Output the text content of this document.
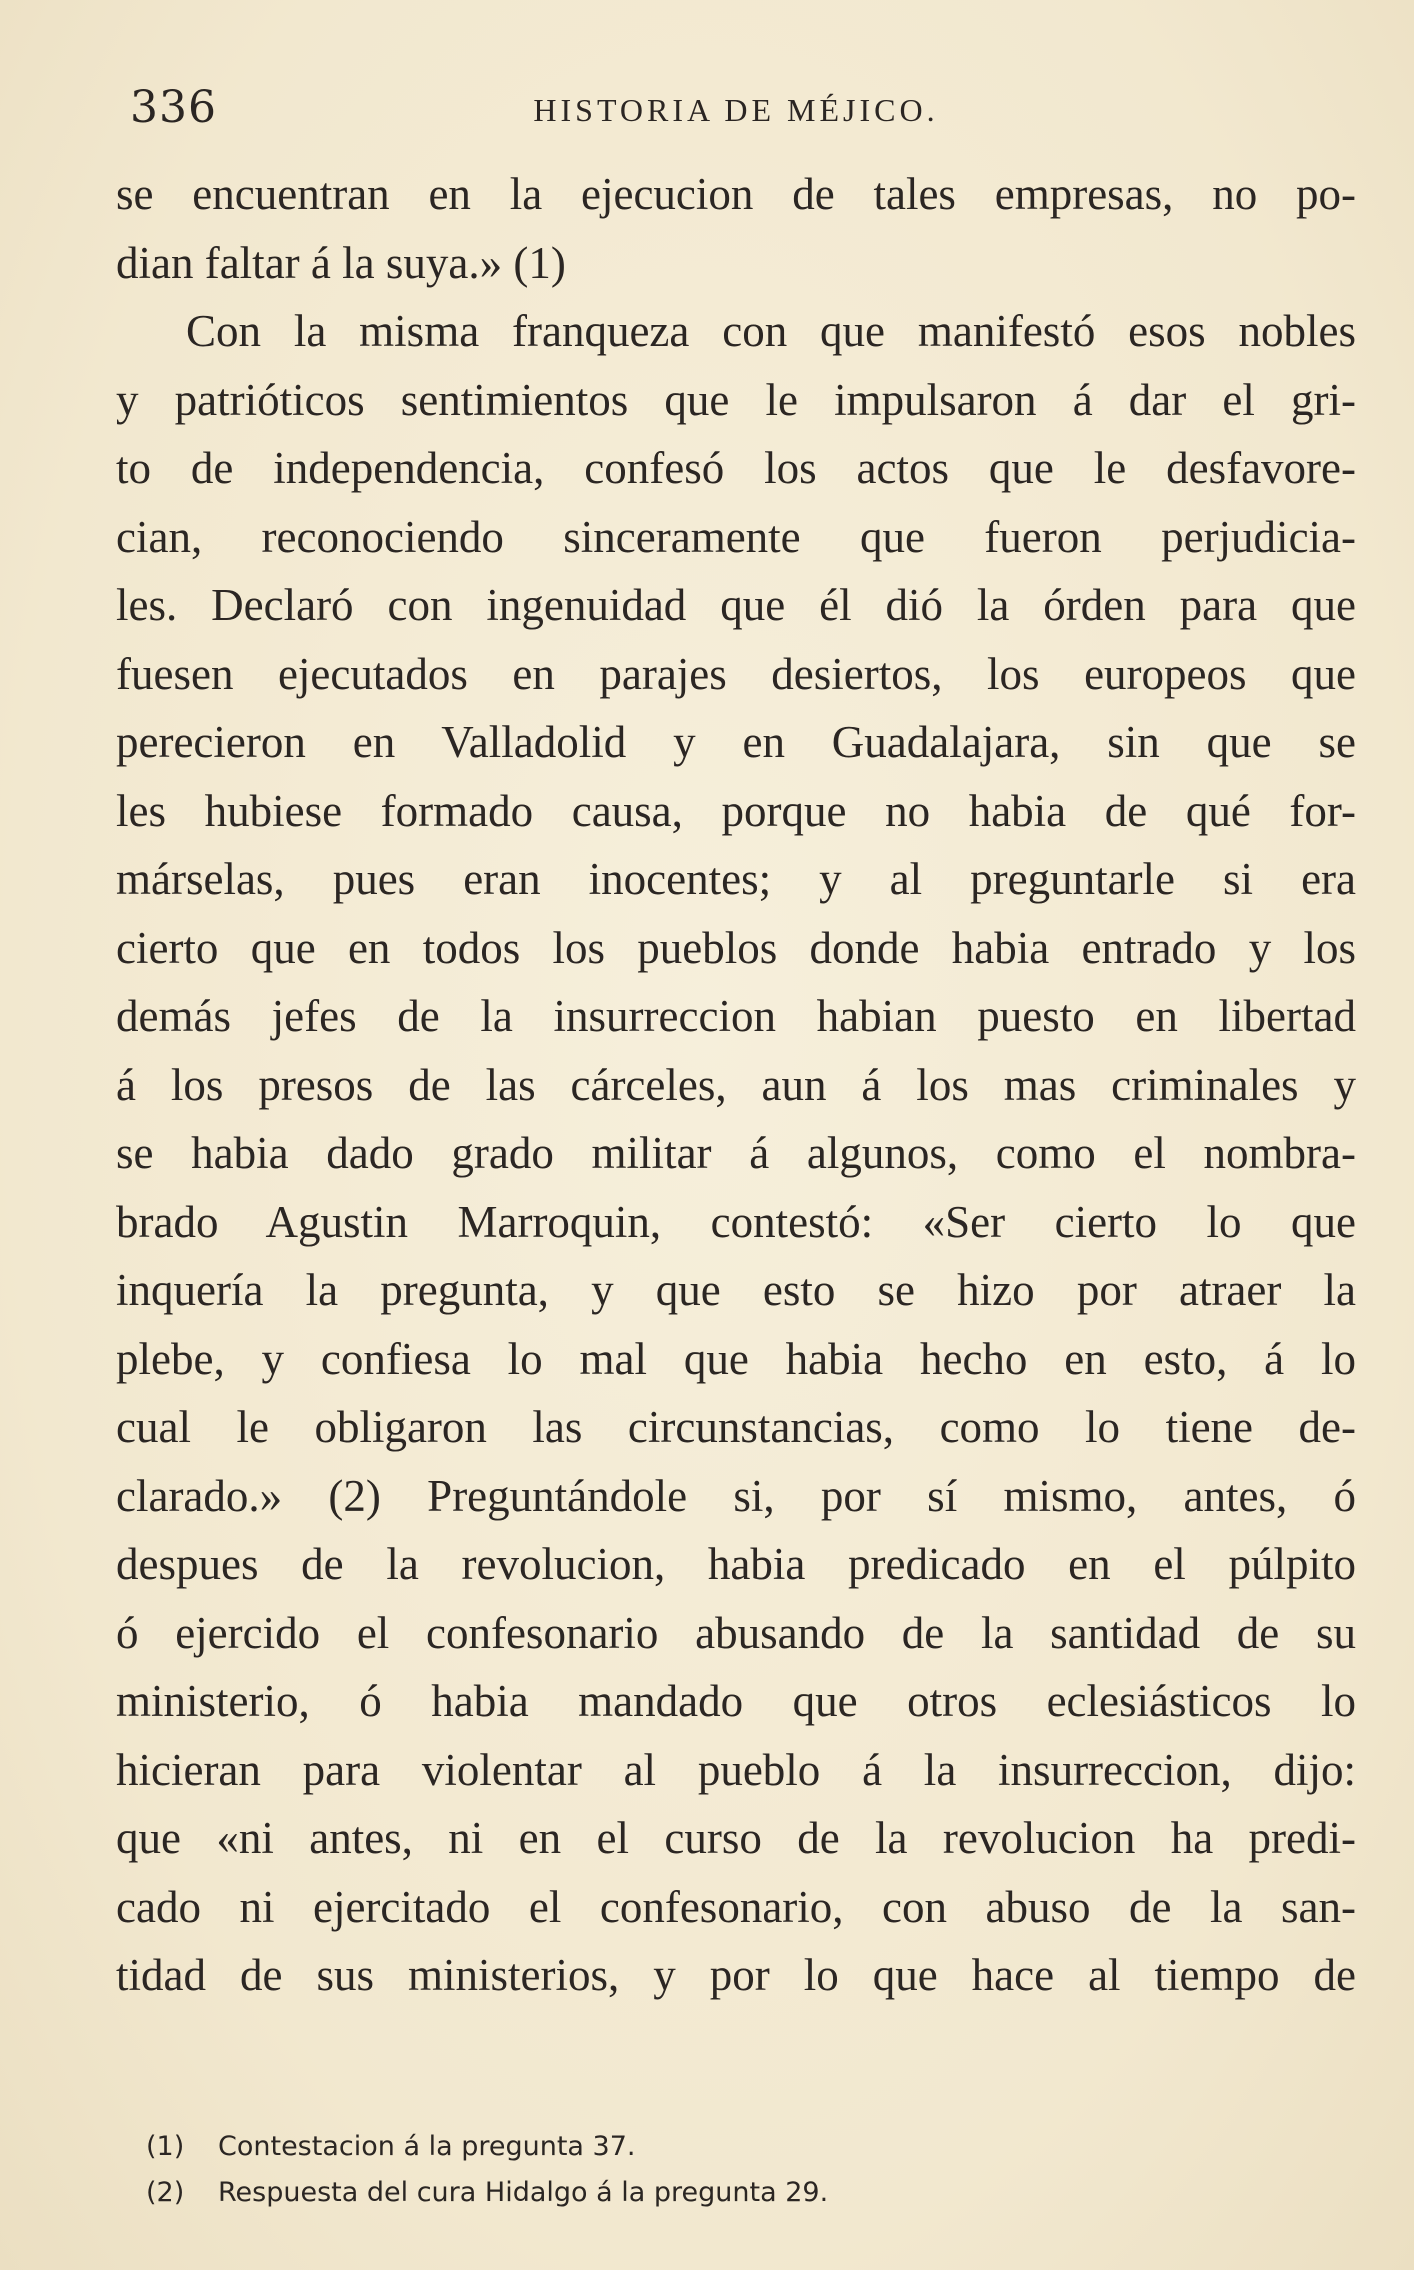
336	HISTORIA DE MÉJICO.
se encuentran en la ejecucion de tales empresas, no po-
dian faltar á la suya.» (1)
Con la misma franqueza con que manifestó esos nobles
y patrióticos sentimientos que le impulsaron á dar el gri-
to de independencia, confesó los actos que le desfavore-
cian, reconociendo sinceramente que fueron perjudicia-
les. Declaró con ingenuidad que él dió la órden para que
fuesen ejecutados en parajes desiertos, los europeos que
perecieron en Valladolid y en Guadalajara, sin que se
les hubiese formado causa, porque no habia de qué for-
márselas, pues eran inocentes; y al preguntarle si era
cierto que en todos los pueblos donde habia entrado y los
demás jefes de la insurreccion habian puesto en libertad
á los presos de las cárceles, aun á los mas criminales y
se habia dado grado militar á algunos, como el nombra-
brado Agustin Marroquin, contestó: «Ser cierto lo que
inquería la pregunta, y que esto se hizo por atraer la
plebe, y confiesa lo mal que habia hecho en esto, á lo
cual le obligaron las circunstancias, como lo tiene de-
clarado.» (2) Preguntándole si, por sí mismo, antes, ó
despues de la revolucion, habia predicado en el púlpito
ó ejercido el confesonario abusando de la santidad de su
ministerio, ó habia mandado que otros eclesiásticos lo
hicieran para violentar al pueblo á la insurreccion, dijo:
que «ni antes, ni en el curso de la revolucion ha predi-
cado ni ejercitado el confesonario, con abuso de la san-
tidad de sus ministerios, y por lo que hace al tiempo de
(1) Contestacion á la pregunta 37.
(2) Respuesta del cura Hidalgo á la pregunta 29.
